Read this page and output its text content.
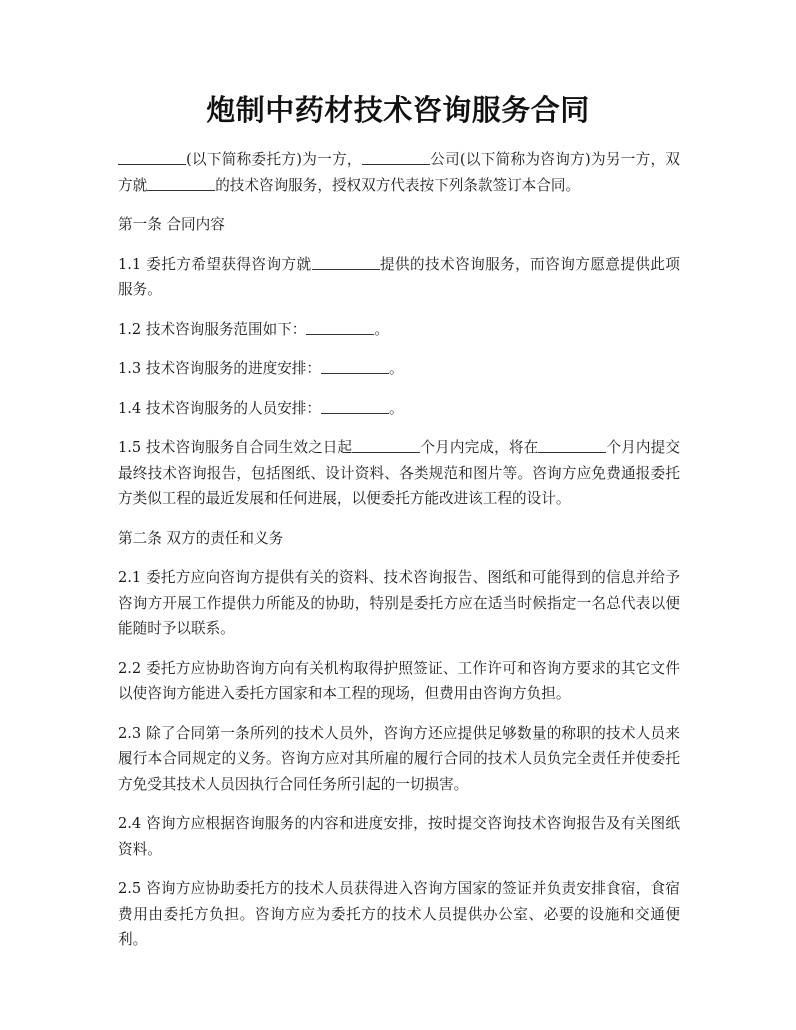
炮制中药材技术咨询服务合同

(以下简称委托方)为一方，	公司(以下简称为咨询方)为另一方，双方就	的技术咨询服务，授权双方代表按下列条款签订本合同。

第一条 合同内容

1.1 委托方希望获得咨询方就	提供的技术咨询服务，而咨询方愿意提供此项服务。

1.2 技术咨询服务范围如下：	。

1.3 技术咨询服务的进度安排：	。

1.4 技术咨询服务的人员安排：	。

1.5 技术咨询服务自合同生效之日起	个月内完成，将在	个月内提交最终技术咨询报告，包括图纸、设计资料、各类规范和图片等。咨询方应免费通报委托方类似工程的最近发展和任何进展，以便委托方能改进该工程的设计。

第二条 双方的责任和义务

2.1 委托方应向咨询方提供有关的资料、技术咨询报告、图纸和可能得到的信息并给予咨询方开展工作提供力所能及的协助，特别是委托方应在适当时候指定一名总代表以便能随时予以联系。

2.2 委托方应协助咨询方向有关机构取得护照签证、工作许可和咨询方要求的其它文件以使咨询方能进入委托方国家和本工程的现场，但费用由咨询方负担。

2.3 除了合同第一条所列的技术人员外，咨询方还应提供足够数量的称职的技术人员来履行本合同规定的义务。咨询方应对其所雇的履行合同的技术人员负完全责任并使委托方免受其技术人员因执行合同任务所引起的一切损害。

2.4 咨询方应根据咨询服务的内容和进度安排，按时提交咨询技术咨询报告及有关图纸资料。

2.5 咨询方应协助委托方的技术人员获得进入咨询方国家的签证并负责安排食宿，食宿费用由委托方负担。咨询方应为委托方的技术人员提供办公室、必要的设施和交通便利。
